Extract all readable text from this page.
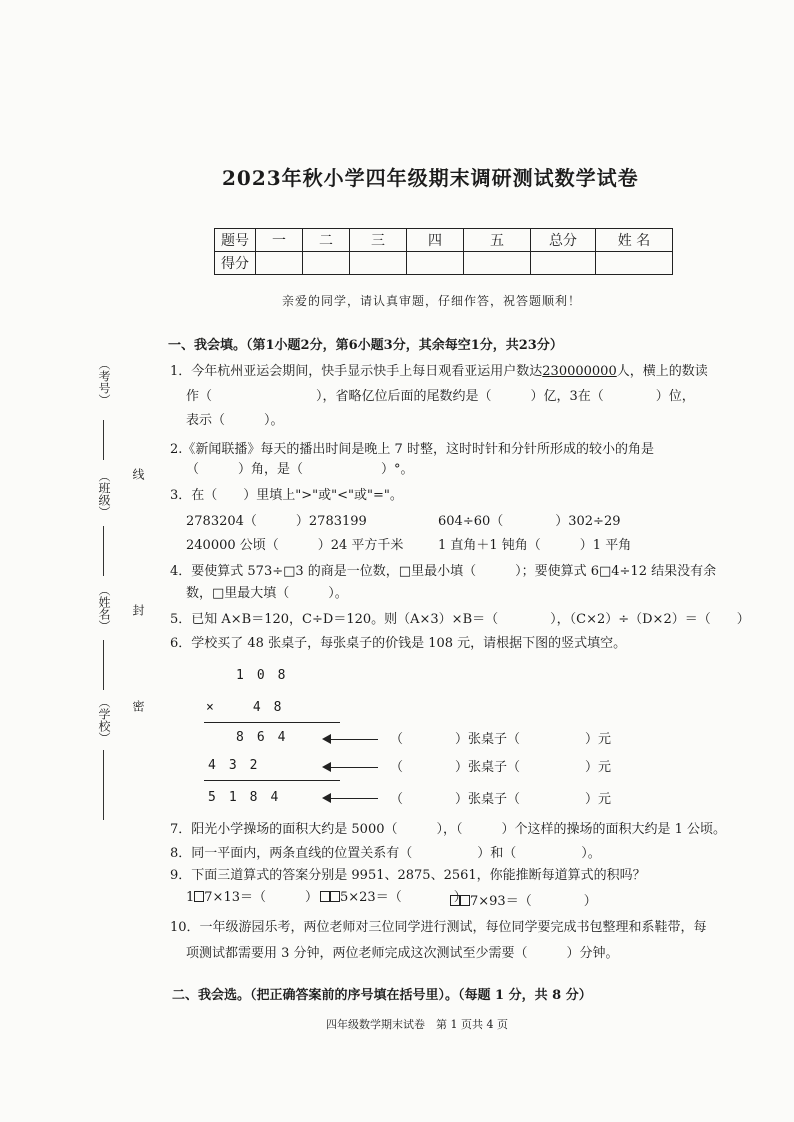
2023年秋小学四年级期末调研测试数学试卷
题号	一	二	三	四	五	总分	姓 名
得分							
亲爱的同学，请认真审题，仔细作答，祝答题顺利！
（考号）
（班级） 线
（姓名） 封
（学校） 密
一、我会填。（第1小题2分，第6小题3分，其余每空1分，共23分）
1．今年杭州亚运会期间，快手显示快手上每日观看亚运用户数达230000000人，横上的数读
作（　　　　　　　　），省略亿位后面的尾数约是（　　　）亿，3在（　　　　）位，
表示（　　　）。
2.《新闻联播》每天的播出时间是晚上 7 时整，这时时针和分针所形成的较小的角是
（　　　）角，是（　　　　　　）°。
3．在（　　）里填上">"或"<"或"="。
2783204（　　　）2783199	604÷60（　　　　）302÷29
240000 公顷（　　　）24 平方千米	1 直角＋1 钝角（　　　）1 平角
4．要使算式 573÷□3 的商是一位数，□里最小填（　　　）；要使算式 6□4÷12 结果没有余
数，□里最大填（　　　）。
5．已知 A×B＝120，C÷D＝120。则（A×3）×B＝（　　　　），（C×2）÷（D×2）＝（　　）
6．学校买了 48 张桌子，每张桌子的价钱是 108 元，请根据下图的竖式填空。
1　0　8
×　　　4　8
8　6　4
4　3　2
5　1　8　4
（　　　　）张桌子（　　　　　）元
（　　　　）张桌子（　　　　　）元
（　　　　）张桌子（　　　　　）元
7．阳光小学操场的面积大约是 5000（　　　），（　　　）个这样的操场的面积大约是 1 公顷。
8．同一平面内，两条直线的位置关系有（　　　　　）和（　　　　　）。
9．下面三道算式的答案分别是 9951、2875、2561，你能推断每道算式的积吗？
1 7×13＝（　　　）	5×23＝（　　　　） 7×93＝（　　　　）
10．一年级游园乐考，两位老师对三位同学进行测试，每位同学要完成书包整理和系鞋带，每
项测试都需要用 3 分钟，两位老师完成这次测试至少需要（　　　）分钟。
二、我会选。（把正确答案前的序号填在括号里）。（每题 1 分，共 8 分）
四年级数学期末试卷　第 1 页共 4 页
